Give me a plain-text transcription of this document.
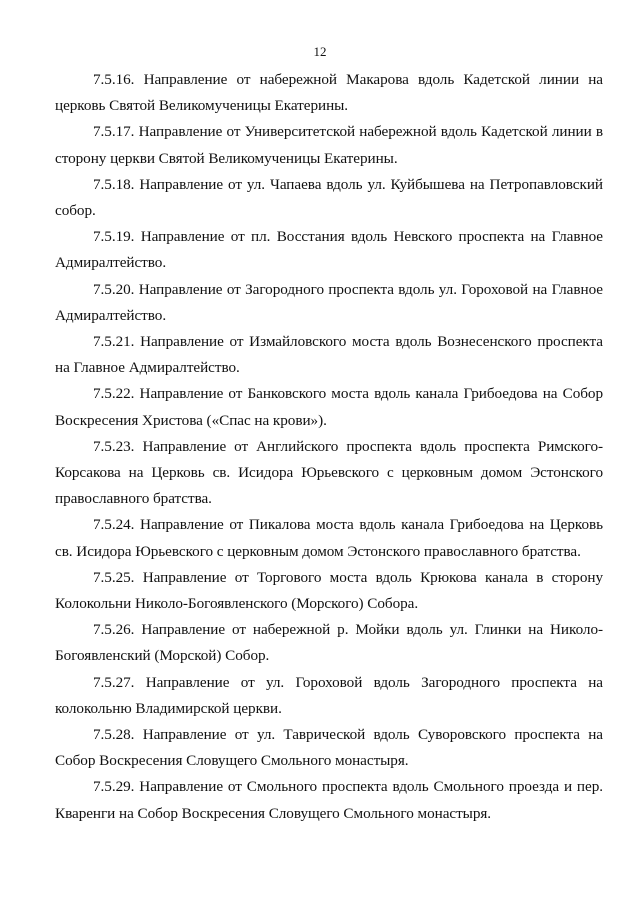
12

7.5.16. Направление от набережной Макарова вдоль Кадетской линии на церковь Святой Великомученицы Екатерины.

7.5.17. Направление от Университетской набережной вдоль Кадетской линии в сторону церкви Святой Великомученицы Екатерины.

7.5.18. Направление от ул. Чапаева вдоль ул. Куйбышева на Петропавловский собор.

7.5.19. Направление от пл. Восстания вдоль Невского проспекта на Главное Адмиралтейство.

7.5.20. Направление от Загородного проспекта вдоль ул. Гороховой на Главное Адмиралтейство.

7.5.21. Направление от Измайловского моста вдоль Вознесенского проспекта на Главное Адмиралтейство.

7.5.22. Направление от Банковского моста вдоль канала Грибоедова на Собор Воскресения Христова («Спас на крови»).

7.5.23. Направление от Английского проспекта вдоль проспекта Римского-Корсакова на Церковь св. Исидора Юрьевского с церковным домом Эстонского православного братства.

7.5.24. Направление от Пикалова моста вдоль канала Грибоедова на Церковь св. Исидора Юрьевского с церковным домом Эстонского православного братства.

7.5.25. Направление от Торгового моста вдоль Крюкова канала в сторону Колокольни Николо-Богоявленского (Морского) Собора.

7.5.26. Направление от набережной р. Мойки вдоль ул. Глинки на Николо-Богоявленский (Морской) Собор.

7.5.27. Направление от ул. Гороховой вдоль Загородного проспекта на колокольню Владимирской церкви.

7.5.28. Направление от ул. Таврической вдоль Суворовского проспекта на Собор Воскресения Словущего Смольного монастыря.

7.5.29. Направление от Смольного проспекта вдоль Смольного проезда и пер. Кваренги на Собор Воскресения Словущего Смольного монастыря.
